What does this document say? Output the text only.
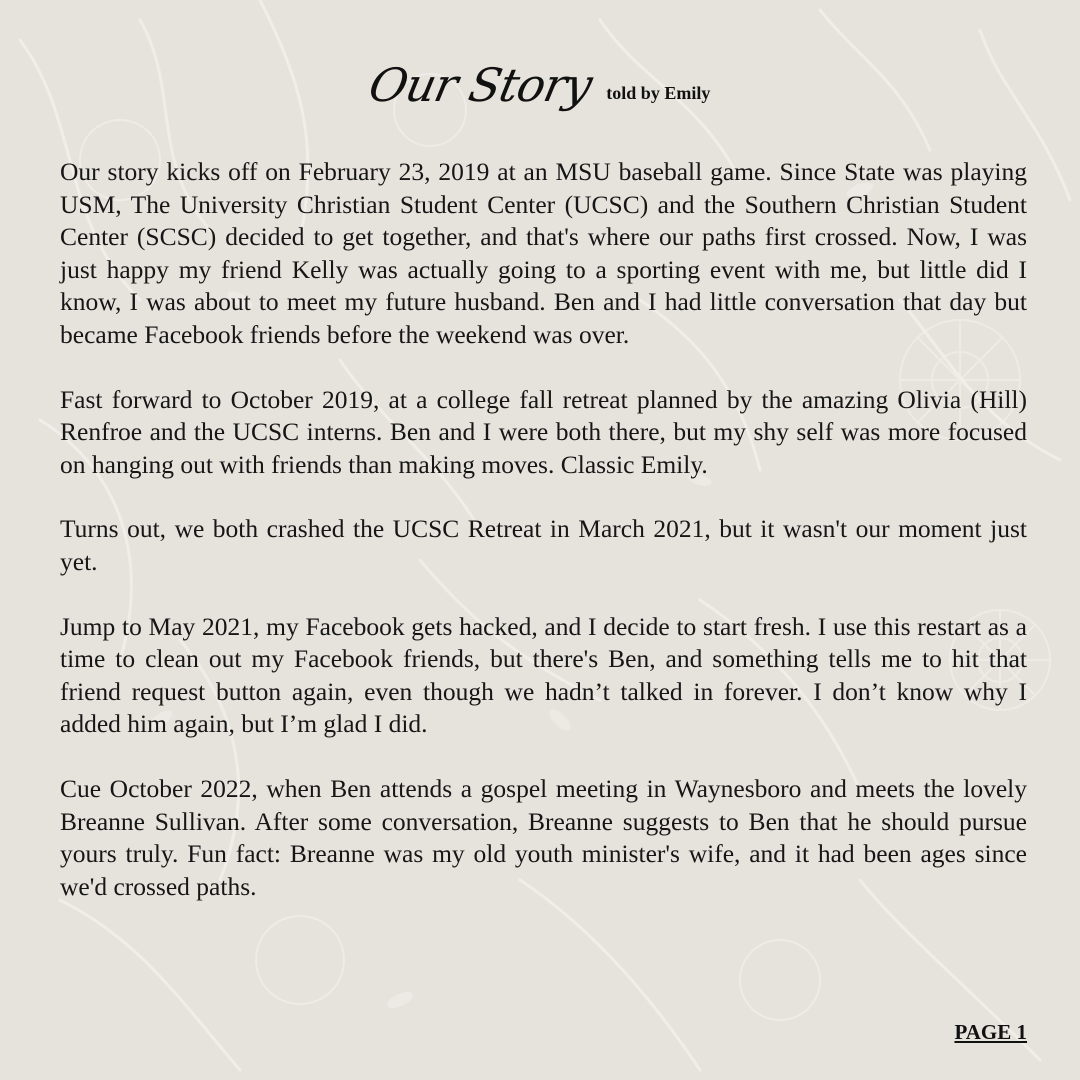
Our Story told by Emily

Our story kicks off on February 23, 2019 at an MSU baseball game. Since State was playing USM, The University Christian Student Center (UCSC) and the Southern Christian Student Center (SCSC) decided to get together, and that's where our paths first crossed. Now, I was just happy my friend Kelly was actually going to a sporting event with me, but little did I know, I was about to meet my future husband. Ben and I had little conversation that day but became Facebook friends before the weekend was over.

Fast forward to October 2019, at a college fall retreat planned by the amazing Olivia (Hill) Renfroe and the UCSC interns. Ben and I were both there, but my shy self was more focused on hanging out with friends than making moves. Classic Emily.

Turns out, we both crashed the UCSC Retreat in March 2021, but it wasn't our moment just yet.

Jump to May 2021, my Facebook gets hacked, and I decide to start fresh. I use this restart as a time to clean out my Facebook friends, but there's Ben, and something tells me to hit that friend request button again, even though we hadn’t talked in forever. I don’t know why I added him again, but I’m glad I did.

Cue October 2022, when Ben attends a gospel meeting in Waynesboro and meets the lovely Breanne Sullivan. After some conversation, Breanne suggests to Ben that he should pursue yours truly. Fun fact: Breanne was my old youth minister's wife, and it had been ages since we'd crossed paths.

PAGE 1
